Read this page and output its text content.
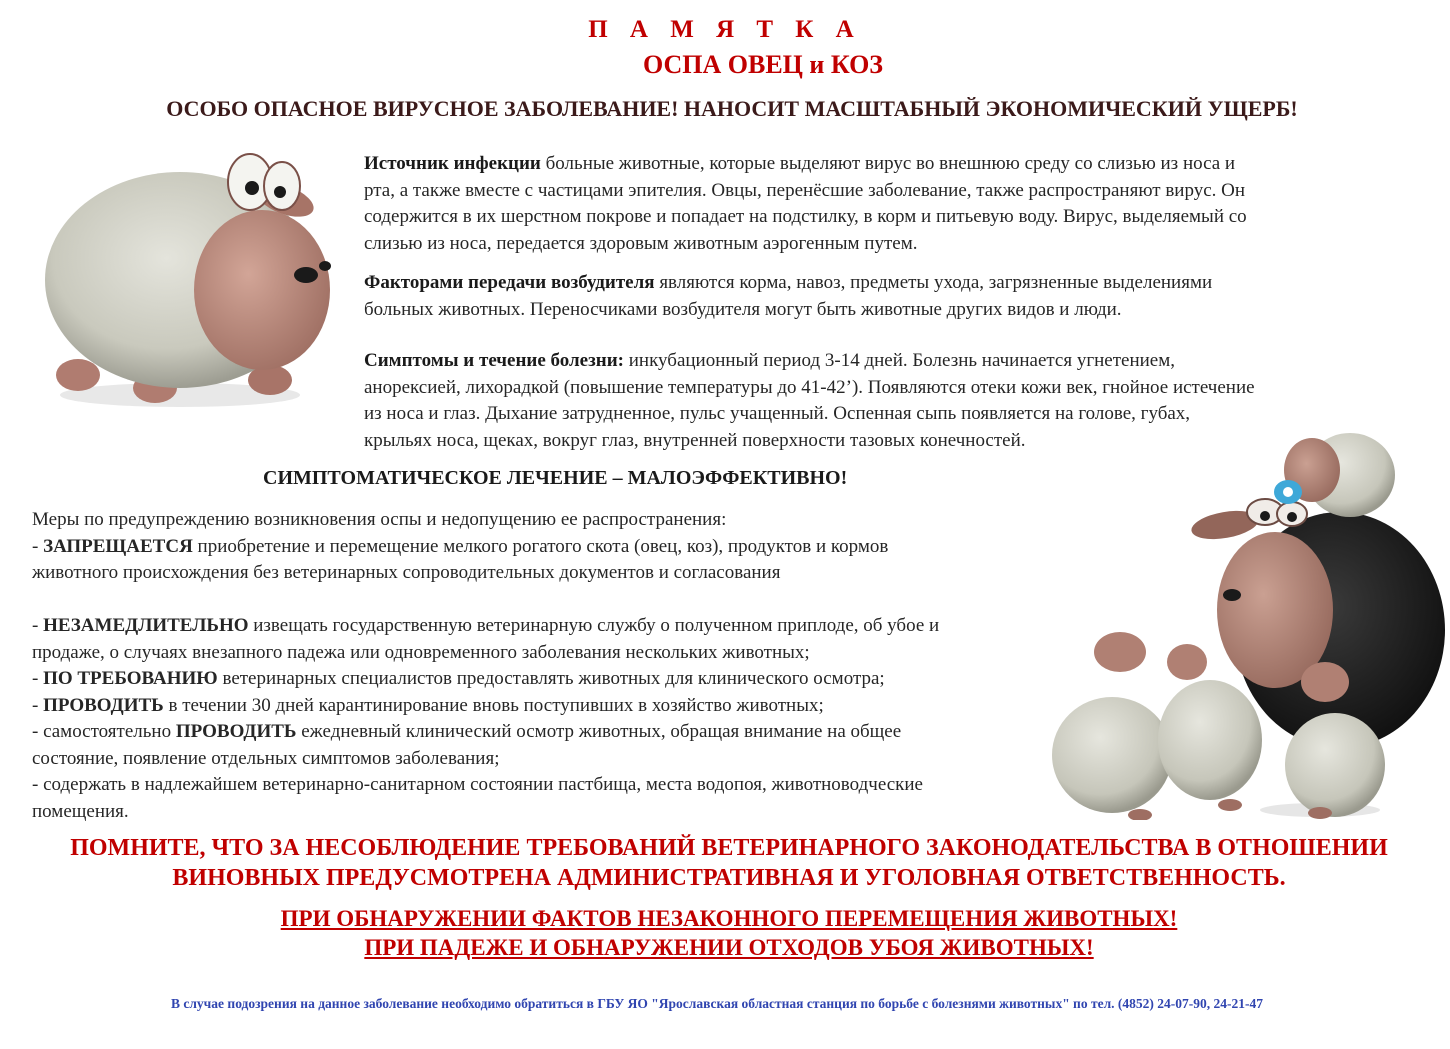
П А М Я Т К А
ОСПА ОВЕЦ и КОЗ
ОСОБО ОПАСНОЕ ВИРУСНОЕ ЗАБОЛЕВАНИЕ! НАНОСИТ МАСШТАБНЫЙ ЭКОНОМИЧЕСКИЙ УЩЕРБ!
Источник инфекции больные животные, которые выделяют вирус во внешнюю среду со слизью из носа и
рта, а также вместе с частицами эпителия. Овцы, перенёсшие заболевание, также распространяют вирус. Он
содержится в их шерстном покрове и попадает на подстилку, в корм и питьевую воду. Вирус, выделяемый со
слизью из носа, передается здоровым животным аэрогенным путем.
Факторами передачи возбудителя являются корма, навоз, предметы ухода, загрязненные выделениями
больных животных. Переносчиками возбудителя могут быть животные других видов и люди.
Симптомы и течение болезни: инкубационный период 3-14 дней. Болезнь начинается угнетением,
анорексией, лихорадкой (повышение температуры до 41-42’). Появляются отеки кожи век, гнойное истечение
из носа и глаз. Дыхание затрудненное, пульс учащенный. Оспенная сыпь появляется на голове, губах,
крыльях носа, щеках, вокруг глаз, внутренней поверхности тазовых конечностей.
СИМПТОМАТИЧЕСКОЕ ЛЕЧЕНИЕ – МАЛОЭФФЕКТИВНО!
Меры по предупреждению возникновения оспы и недопущению ее распространения:
- ЗАПРЕЩАЕТСЯ приобретение и перемещение мелкого рогатого скота (овец, коз), продуктов и кормов
животного происхождения без ветеринарных сопроводительных документов и согласования
- НЕЗАМЕДЛИТЕЛЬНО извещать государственную ветеринарную службу о полученном приплоде, об убое и
продаже, о случаях внезапного падежа или одновременного заболевания нескольких животных;
- ПО ТРЕБОВАНИЮ ветеринарных специалистов предоставлять животных для клинического осмотра;
- ПРОВОДИТЬ в течении 30 дней карантинирование вновь поступивших в хозяйство животных;
- самостоятельно ПРОВОДИТЬ ежедневный клинический осмотр животных, обращая внимание на общее
состояние, появление отдельных симптомов заболевания;
- содержать в надлежайшем ветеринарно-санитарном состоянии пастбища, места водопоя, животноводческие
помещения.
ПОМНИТЕ, ЧТО ЗА НЕСОБЛЮДЕНИЕ ТРЕБОВАНИЙ ВЕТЕРИНАРНОГО ЗАКОНОДАТЕЛЬСТВА В ОТНОШЕНИИ
ВИНОВНЫХ ПРЕДУСМОТРЕНА АДМИНИСТРАТИВНАЯ И УГОЛОВНАЯ ОТВЕТСТВЕННОСТЬ.
ПРИ ОБНАРУЖЕНИИ ФАКТОВ НЕЗАКОННОГО ПЕРЕМЕЩЕНИЯ ЖИВОТНЫХ!
ПРИ ПАДЕЖЕ И ОБНАРУЖЕНИИ ОТХОДОВ УБОЯ ЖИВОТНЫХ!
В случае подозрения на данное заболевание необходимо обратиться в ГБУ ЯО "Ярославская областная станция по борьбе с болезнями животных" по тел. (4852) 24-07-90, 24-21-47
